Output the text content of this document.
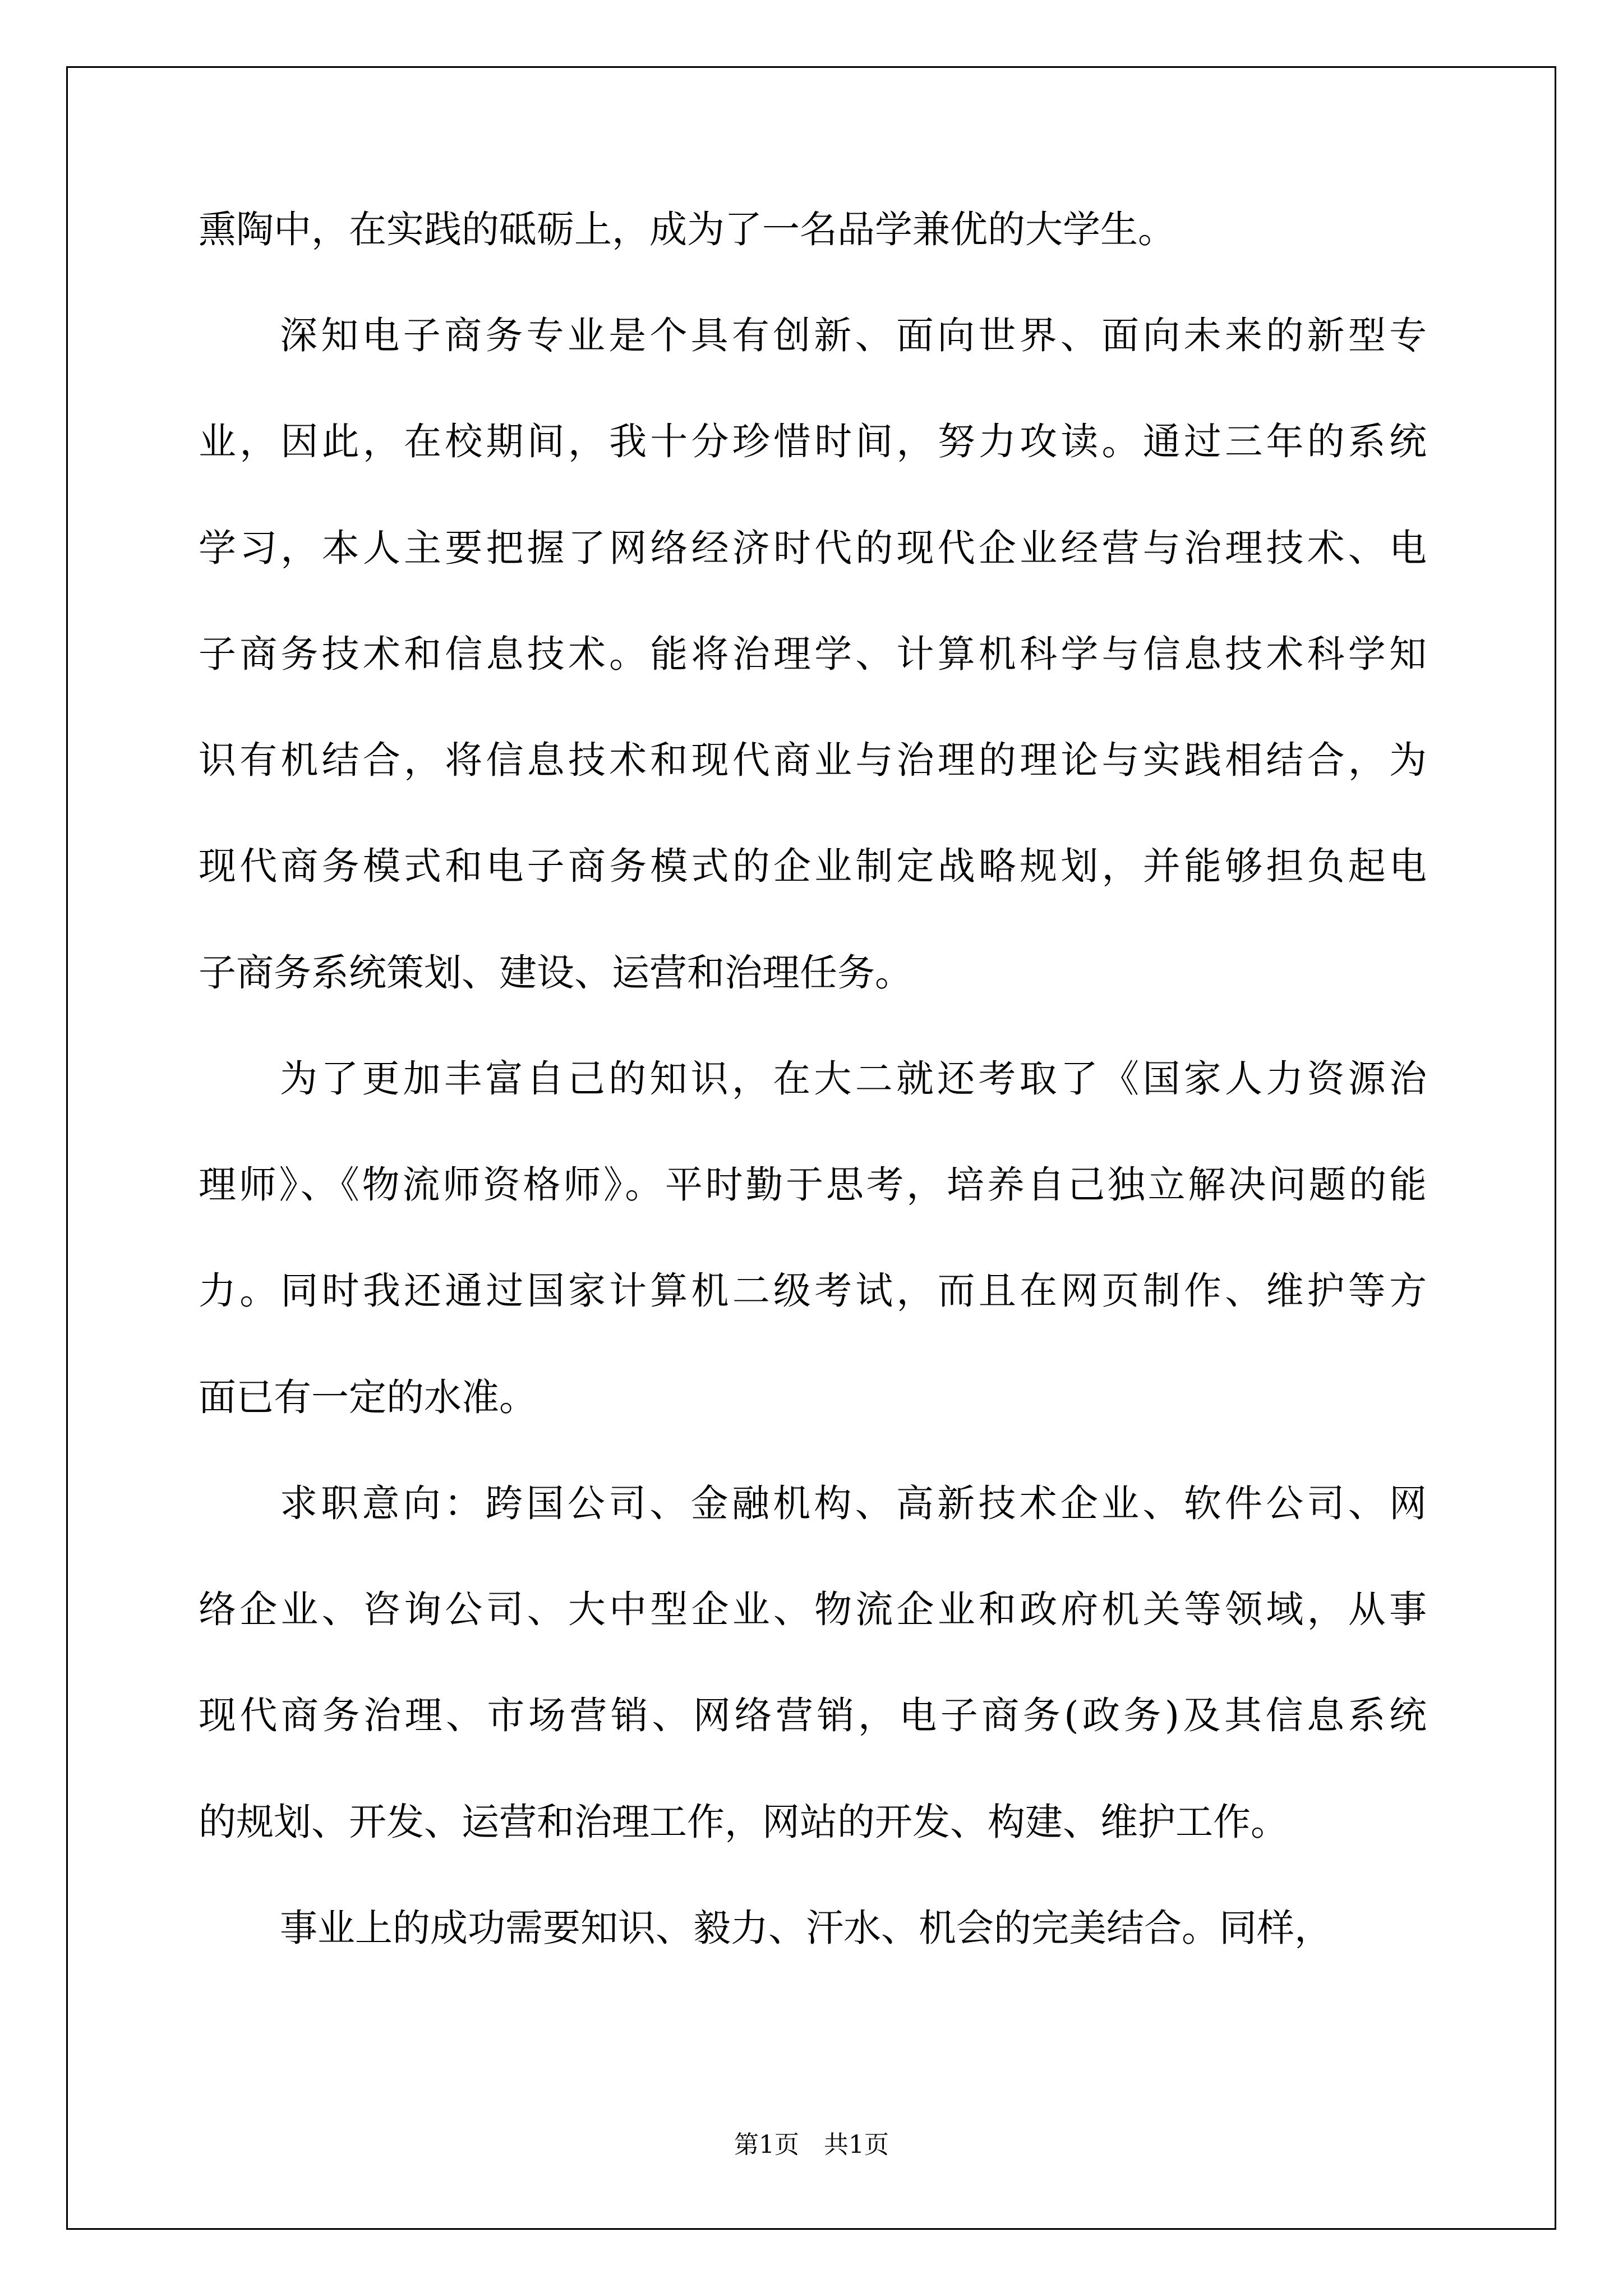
熏陶中，在实践的砥砺上，成为了一名品学兼优的大学生。
深知电子商务专业是个具有创新、面向世界、面向未来的新型专
业，因此，在校期间，我十分珍惜时间，努力攻读。通过三年的系统
学习，本人主要把握了网络经济时代的现代企业经营与治理技术、电
子商务技术和信息技术。能将治理学、计算机科学与信息技术科学知
识有机结合，将信息技术和现代商业与治理的理论与实践相结合，为
现代商务模式和电子商务模式的企业制定战略规划，并能够担负起电
子商务系统策划、建设、运营和治理任务。
为了更加丰富自己的知识，在大二就还考取了《国家人力资源治
理师》、《物流师资格师》。平时勤于思考，培养自己独立解决问题的能
力。同时我还通过国家计算机二级考试，而且在网页制作、维护等方
面已有一定的水准。
求职意向：跨国公司、金融机构、高新技术企业、软件公司、网
络企业、咨询公司、大中型企业、物流企业和政府机关等领域，从事
现代商务治理、市场营销、网络营销，电子商务(政务)及其信息系统
的规划、开发、运营和治理工作，网站的开发、构建、维护工作。
事业上的成功需要知识、毅力、汗水、机会的完美结合。同样，
第1页　共1页
